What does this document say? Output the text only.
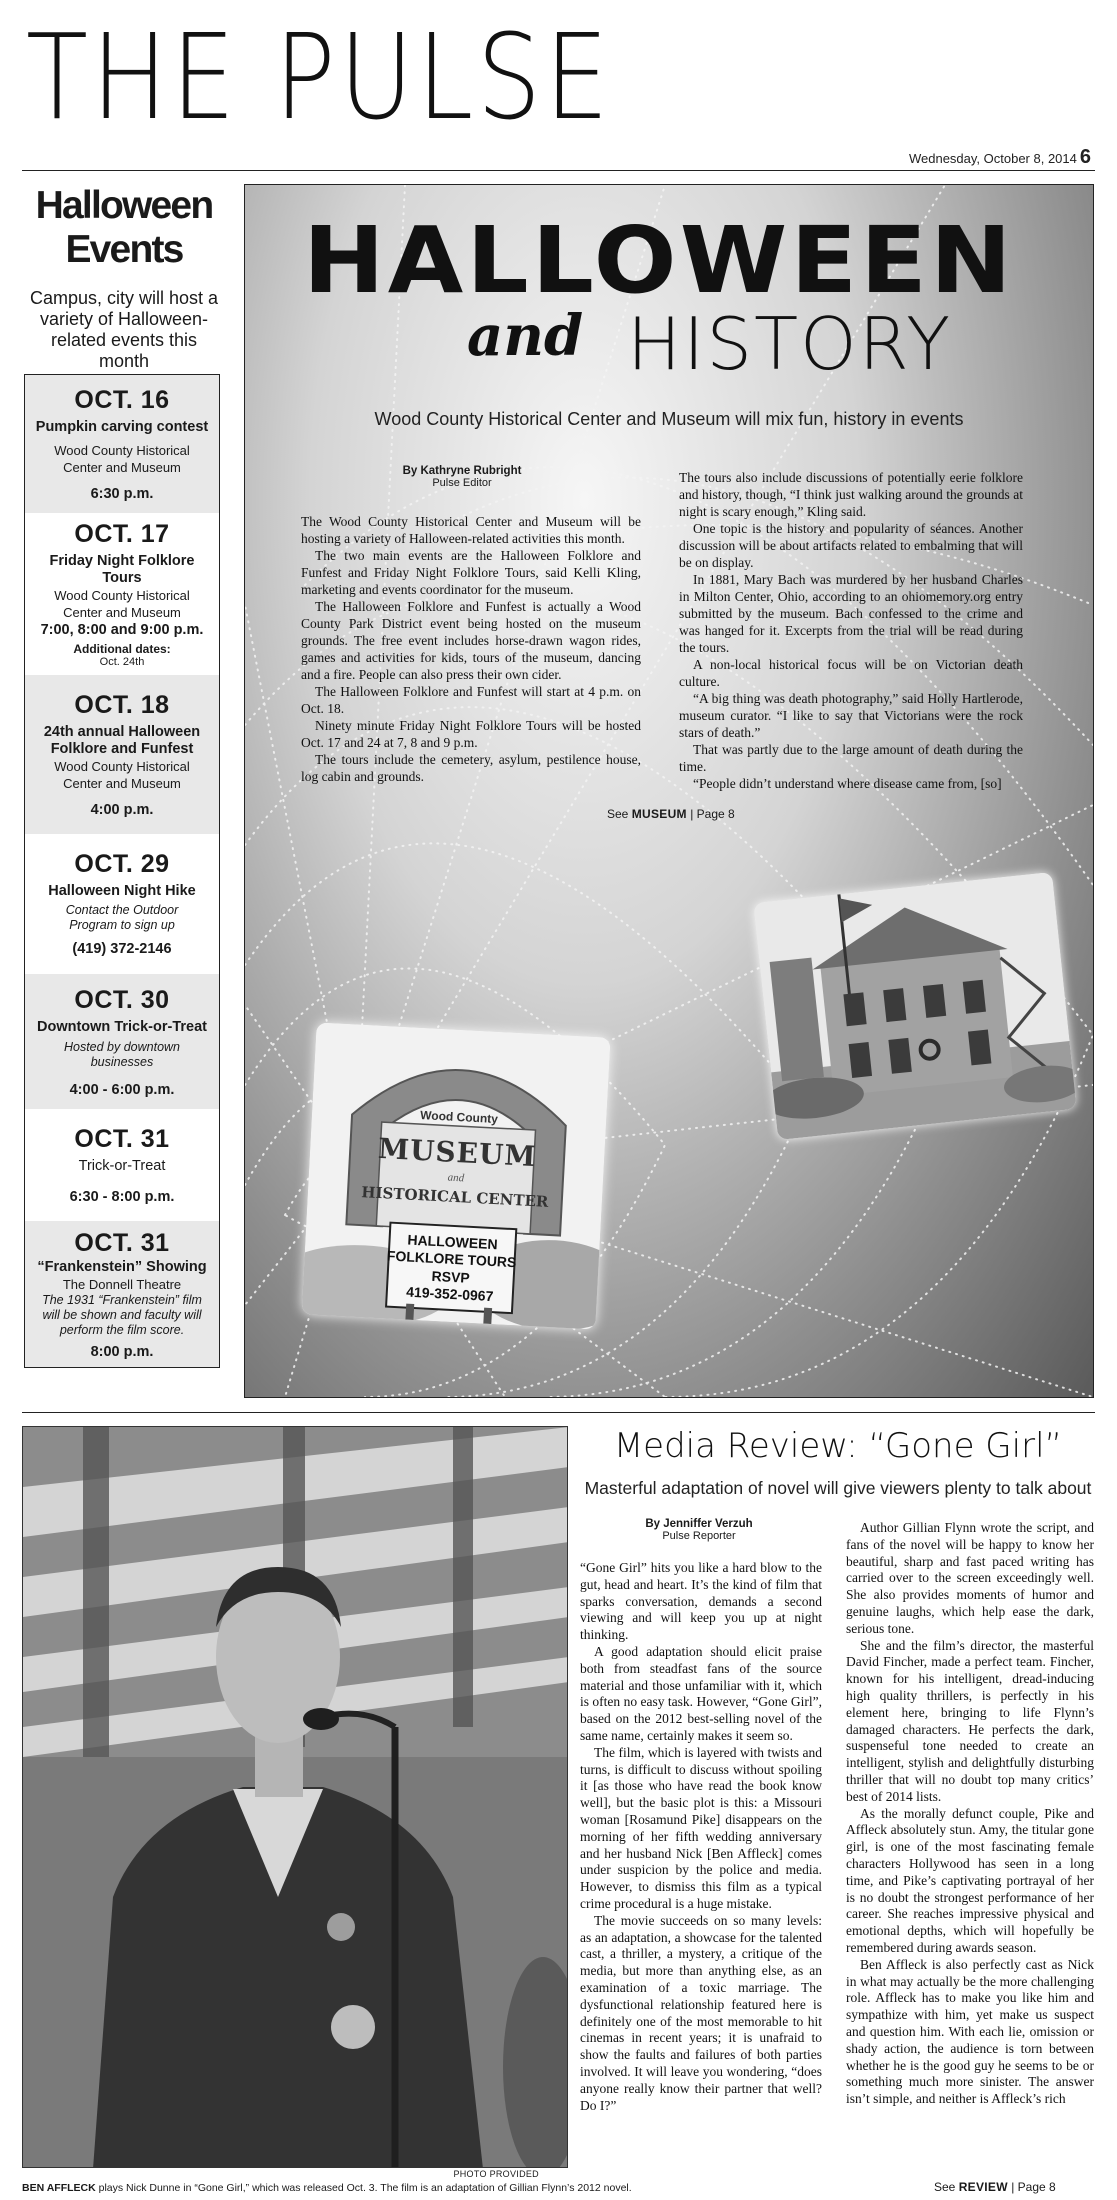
THE PULSE
Wednesday, October 8, 2014 6
Halloween Events
Campus, city will host a variety of Halloween-related events this month
OCT. 16
Pumpkin carving contest
Wood County Historical Center and Museum
6:30 p.m.
OCT. 17
Friday Night Folklore Tours
Wood County Historical Center and Museum
7:00, 8:00 and 9:00 p.m.
Additional dates:
Oct. 24th
OCT. 18
24th annual Halloween Folklore and Funfest
Wood County Historical Center and Museum
4:00 p.m.
OCT. 29
Halloween Night Hike
Contact the Outdoor Program to sign up
(419) 372-2146
OCT. 30
Downtown Trick-or-Treat
Hosted by downtown businesses
4:00 - 6:00 p.m.
OCT. 31
Trick-or-Treat
6:30 - 8:00 p.m.
OCT. 31
“Frankenstein” Showing
The Donnell Theatre
The 1931 “Frankenstein” film will be shown and faculty will perform the film score.
8:00 p.m.
HALLOWEEN
and HISTORY
Wood County Historical Center and Museum will mix fun, history in events
By Kathryne Rubright
Pulse Editor

The Wood County Historical Center and Museum will be hosting a variety of Halloween-related activities this month.

The two main events are the Halloween Folklore and Funfest and Friday Night Folklore Tours, said Kelli Kling, marketing and events coordinator for the museum.

The Halloween Folklore and Funfest is actually a Wood County Park District event being hosted on the museum grounds. The free event includes horse-drawn wagon rides, games and activities for kids, tours of the museum, dancing and a fire. People can also press their own cider.

The Halloween Folklore and Funfest will start at 4 p.m. on Oct. 18.

Ninety minute Friday Night Folklore Tours will be hosted Oct. 17 and 24 at 7, 8 and 9 p.m.

The tours include the cemetery, asylum, pestilence house, log cabin and grounds.

The tours also include discussions of potentially eerie folklore and history, though, “I think just walking around the grounds at night is scary enough,” Kling said.

One topic is the history and popularity of séances. Another discussion will be about artifacts related to embalming that will be on display.

In 1881, Mary Bach was murdered by her husband Charles in Milton Center, Ohio, according to an ohiomemory.org entry submitted by the museum. Bach confessed to the crime and was hanged for it. Excerpts from the trial will be read during the tours.

A non-local historical focus will be on Victorian death culture.

“A big thing was death photography,” said Holly Hartlerode, museum curator. “I like to say that Victorians were the rock stars of death.”

That was partly due to the large amount of death during the time.

“People didn’t understand where disease came from, [so]

See MUSEUM | Page 8
Wood County
MUSEUM
and
HISTORICAL CENTER
HALLOWEEN
FOLKLORE TOURS
RSVP
419-352-0967
PHOTO PROVIDED
BEN AFFLECK plays Nick Dunne in “Gone Girl,” which was released Oct. 3. The film is an adaptation of Gillian Flynn’s 2012 novel.
Media Review: “Gone Girl”
Masterful adaptation of novel will give viewers plenty to talk about
By Jenniffer Verzuh
Pulse Reporter

“Gone Girl” hits you like a hard blow to the gut, head and heart. It’s the kind of film that sparks conversation, demands a second viewing and will keep you up at night thinking.

A good adaptation should elicit praise both from steadfast fans of the source material and those unfamiliar with it, which is often no easy task. However, “Gone Girl”, based on the 2012 best-selling novel of the same name, certainly makes it seem so.

The film, which is layered with twists and turns, is difficult to discuss without spoiling it [as those who have read the book know well], but the basic plot is this: a Missouri woman [Rosamund Pike] disappears on the morning of her fifth wedding anniversary and her husband Nick [Ben Affleck] comes under suspicion by the police and media. However, to dismiss this film as a typical crime procedural is a huge mistake.

The movie succeeds on so many levels: as an adaptation, a showcase for the talented cast, a thriller, a mystery, a critique of the media, but more than anything else, as an examination of a toxic marriage. The dysfunctional relationship featured here is definitely one of the most memorable to hit cinemas in recent years; it is unafraid to show the faults and failures of both parties involved. It will leave you wondering, “does anyone really know their partner that well? Do I?”

Author Gillian Flynn wrote the script, and fans of the novel will be happy to know her beautiful, sharp and fast paced writing has carried over to the screen exceedingly well. She also provides moments of humor and genuine laughs, which help ease the dark, serious tone.

She and the film’s director, the masterful David Fincher, made a perfect team. Fincher, known for his intelligent, dread-inducing high quality thrillers, is perfectly in his element here, bringing to life Flynn’s damaged characters. He perfects the dark, suspenseful tone needed to create an intelligent, stylish and delightfully disturbing thriller that will no doubt top many critics’ best of 2014 lists.

As the morally defunct couple, Pike and Affleck absolutely stun. Amy, the titular gone girl, is one of the most fascinating female characters Hollywood has seen in a long time, and Pike’s captivating portrayal of her is no doubt the strongest performance of her career. She reaches impressive physical and emotional depths, which will hopefully be remembered during awards season.

Ben Affleck is also perfectly cast as Nick in what may actually be the more challenging role. Affleck has to make you like him and sympathize with him, yet make us suspect and question him. With each lie, omission or shady action, the audience is torn between whether he is the good guy he seems to be or something much more sinister. The answer isn’t simple, and neither is Affleck’s rich

See REVIEW | Page 8
